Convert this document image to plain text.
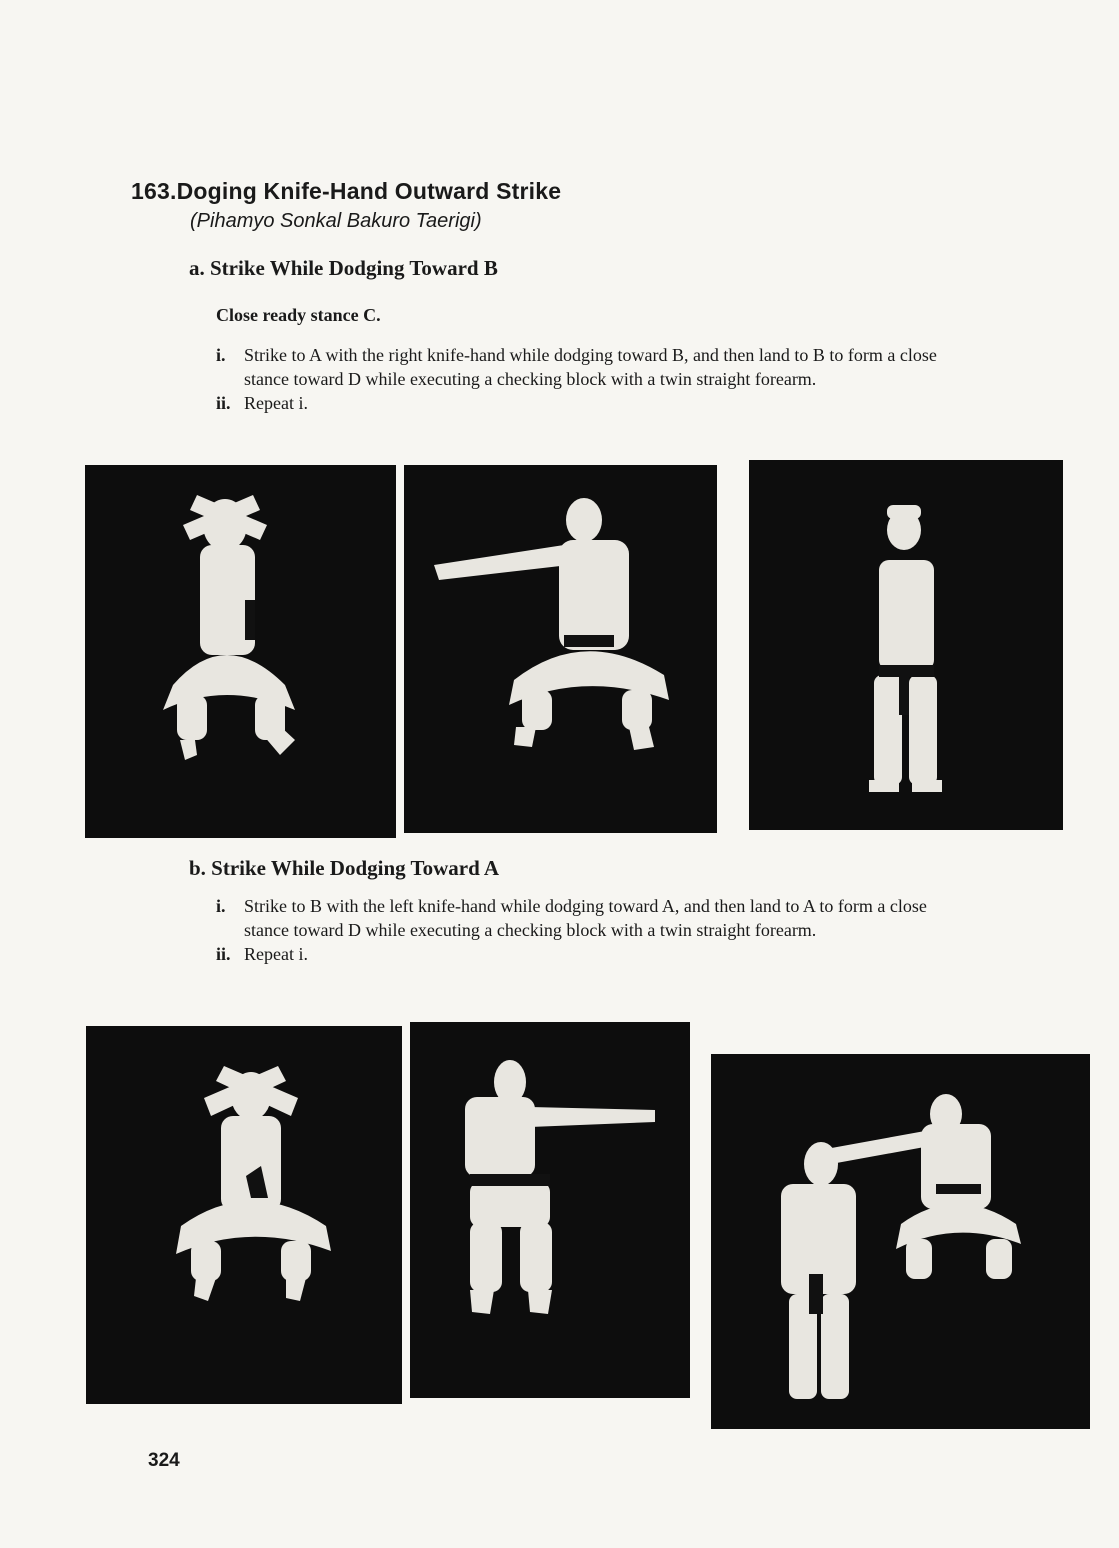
163.Doging Knife-Hand Outward Strike
(Pihamyo Sonkal Bakuro Taerigi)
a. Strike While Dodging Toward B
Close ready stance C.
i. Strike to A with the right knife-hand while dodging toward B, and then land to B to form a close stance toward D while executing a checking block with a twin straight forearm.
ii. Repeat i.
b. Strike While Dodging Toward A
i. Strike to B with the left knife-hand while dodging toward A, and then land to A to form a close stance toward D while executing a checking block with a twin straight forearm.
ii. Repeat i.
324
